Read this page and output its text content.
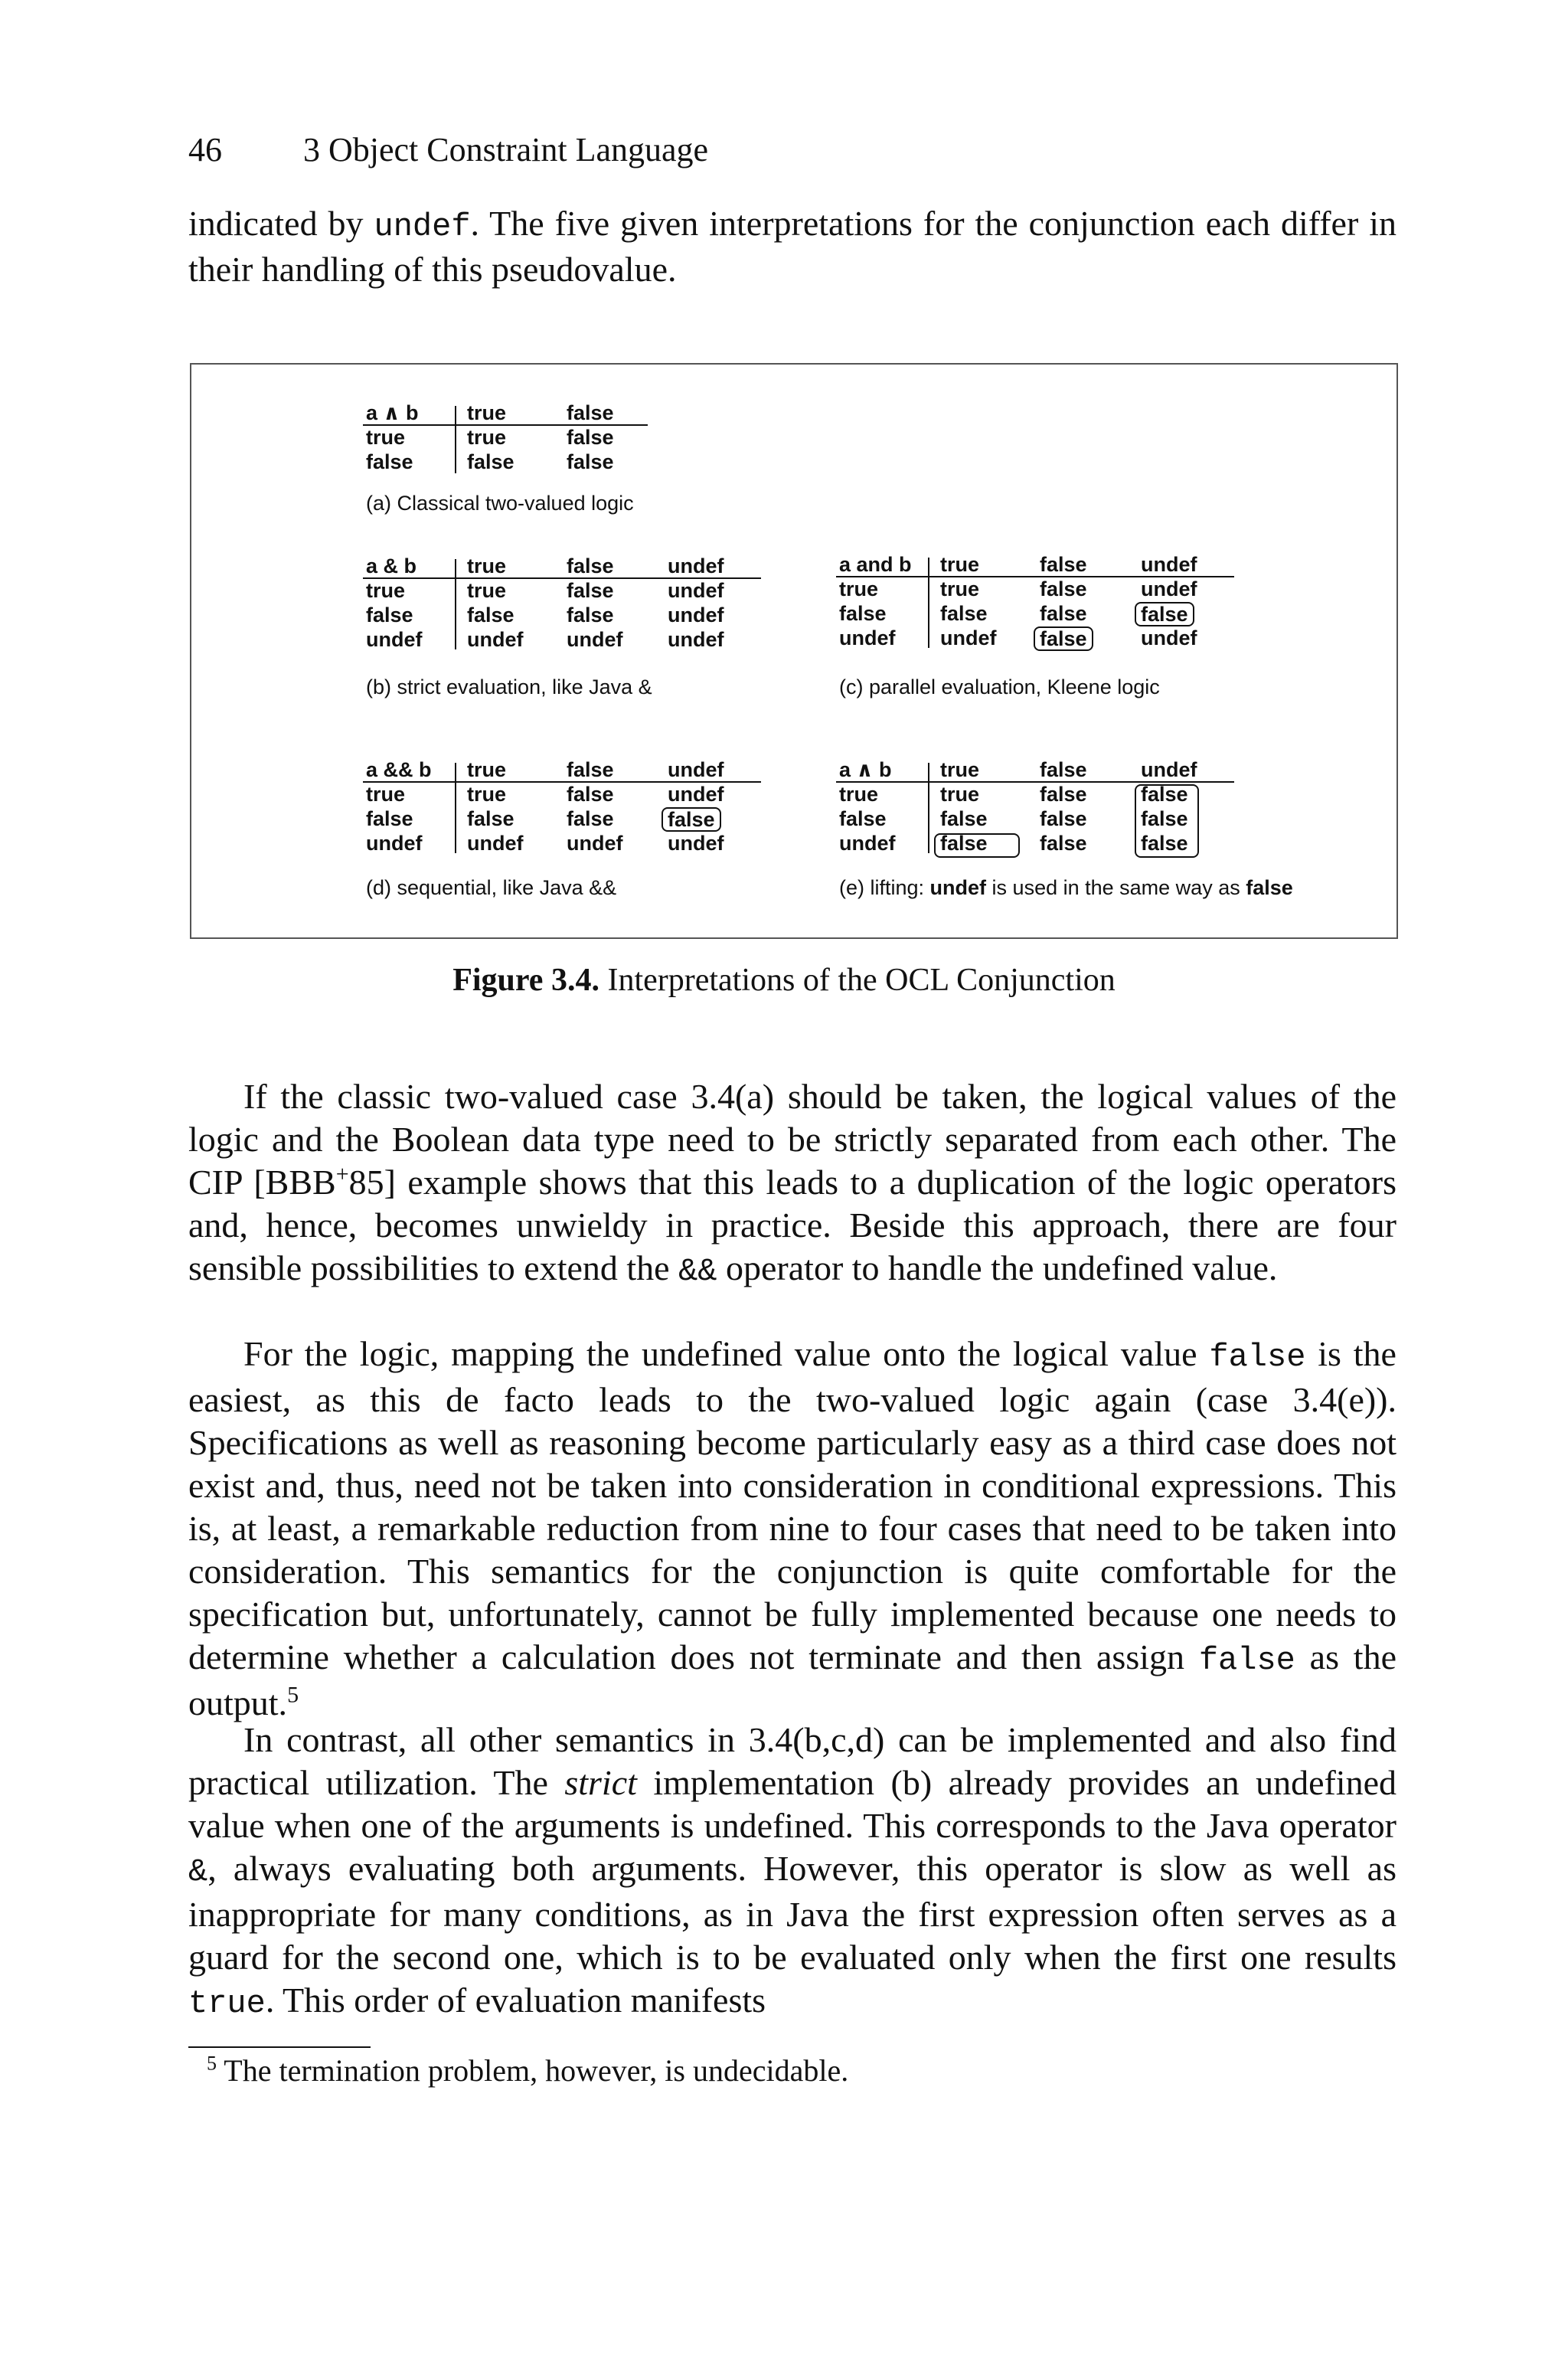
46 3 Object Constraint Language

indicated by undef. The five given interpretations for the conjunction each differ in their handling of this pseudovalue.

a ∧ b true	false
true	true	false
false	false	false
(a) Classical two-valued logic
a & b true	false	undef
true	true	false	undef
false	false	false	undef
undef undef undef undef
(b) strict evaluation, like Java &
a and b true	false	undef
true	true	false	undef
false	false	false	false
undef undef false	undef
(c) parallel evaluation, Kleene logic
a && b true	false	undef
true	true	false	undef
false	false	false	false
undef undef undef undef
(d) sequential, like Java &&
a ∧ b true	false	undef
true	true	false	false
false	false	false	false
undef false	false	false
(e) lifting: undef is used in the same way as false
Figure 3.4. Interpretations of the OCL Conjunction

If the classic two-valued case 3.4(a) should be taken, the logical values of the logic and the Boolean data type need to be strictly separated from each other. The CIP [BBB+85] example shows that this leads to a duplication of the logic operators and, hence, becomes unwieldy in practice. Beside this approach, there are four sensible possibilities to extend the && operator to handle the undefined value.

For the logic, mapping the undefined value onto the logical value false is the easiest, as this de facto leads to the two-valued logic again (case 3.4(e)). Specifications as well as reasoning become particularly easy as a third case does not exist and, thus, need not be taken into consideration in conditional expressions. This is, at least, a remarkable reduction from nine to four cases that need to be taken into consideration. This semantics for the conjunction is quite comfortable for the specification but, unfortunately, cannot be fully implemented because one needs to determine whether a calculation does not terminate and then assign false as the output.$^5$

In contrast, all other semantics in 3.4(b,c,d) can be implemented and also find practical utilization. The strict implementation (b) already provides an undefined value when one of the arguments is undefined. This corresponds to the Java operator &, always evaluating both arguments. However, this operator is slow as well as inappropriate for many conditions, as in Java the first expression often serves as a guard for the second one, which is to be evaluated only when the first one results true. This order of evaluation manifests

$^5$ The termination problem, however, is undecidable.
